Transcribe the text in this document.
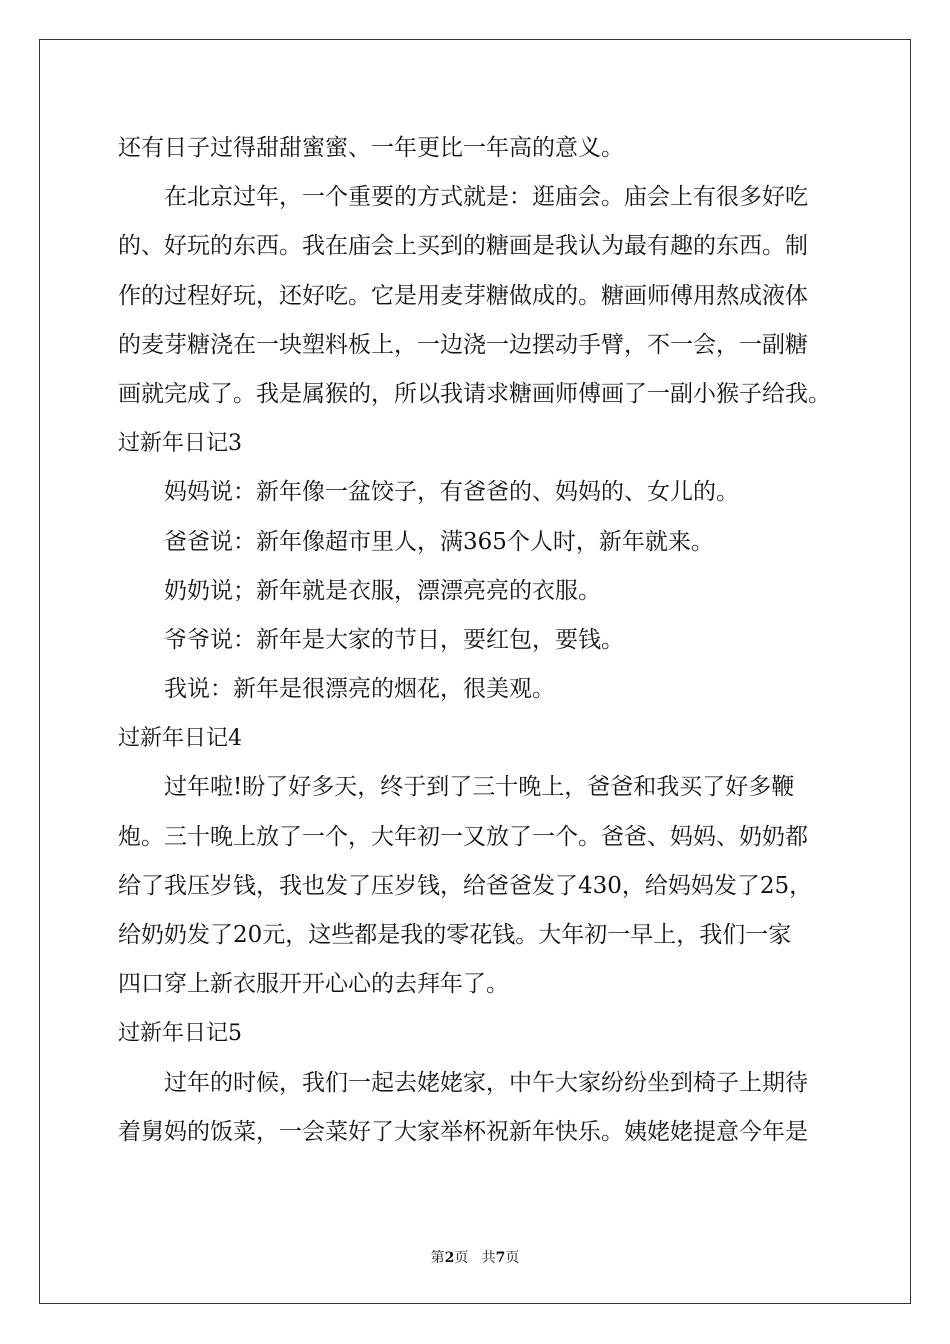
还有日子过得甜甜蜜蜜、一年更比一年高的意义。
在北京过年，一个重要的方式就是：逛庙会。庙会上有很多好吃
的、好玩的东西。我在庙会上买到的糖画是我认为最有趣的东西。制
作的过程好玩，还好吃。它是用麦芽糖做成的。糖画师傅用熬成液体
的麦芽糖浇在一块塑料板上，一边浇一边摆动手臂，不一会，一副糖
画就完成了。我是属猴的，所以我请求糖画师傅画了一副小猴子给我。
过新年日记3
妈妈说：新年像一盆饺子，有爸爸的、妈妈的、女儿的。
爸爸说：新年像超市里人，满365个人时，新年就来。
奶奶说；新年就是衣服，漂漂亮亮的衣服。
爷爷说：新年是大家的节日，要红包，要钱。
我说：新年是很漂亮的烟花，很美观。
过新年日记4
过年啦!盼了好多天，终于到了三十晚上，爸爸和我买了好多鞭
炮。三十晚上放了一个，大年初一又放了一个。爸爸、妈妈、奶奶都
给了我压岁钱，我也发了压岁钱，给爸爸发了430，给妈妈发了25，
给奶奶发了20元，这些都是我的零花钱。大年初一早上，我们一家
四口穿上新衣服开开心心的去拜年了。
过新年日记5
过年的时候，我们一起去姥姥家，中午大家纷纷坐到椅子上期待
着舅妈的饭菜，一会菜好了大家举杯祝新年快乐。姨姥姥提意今年是
第2页 共7页
